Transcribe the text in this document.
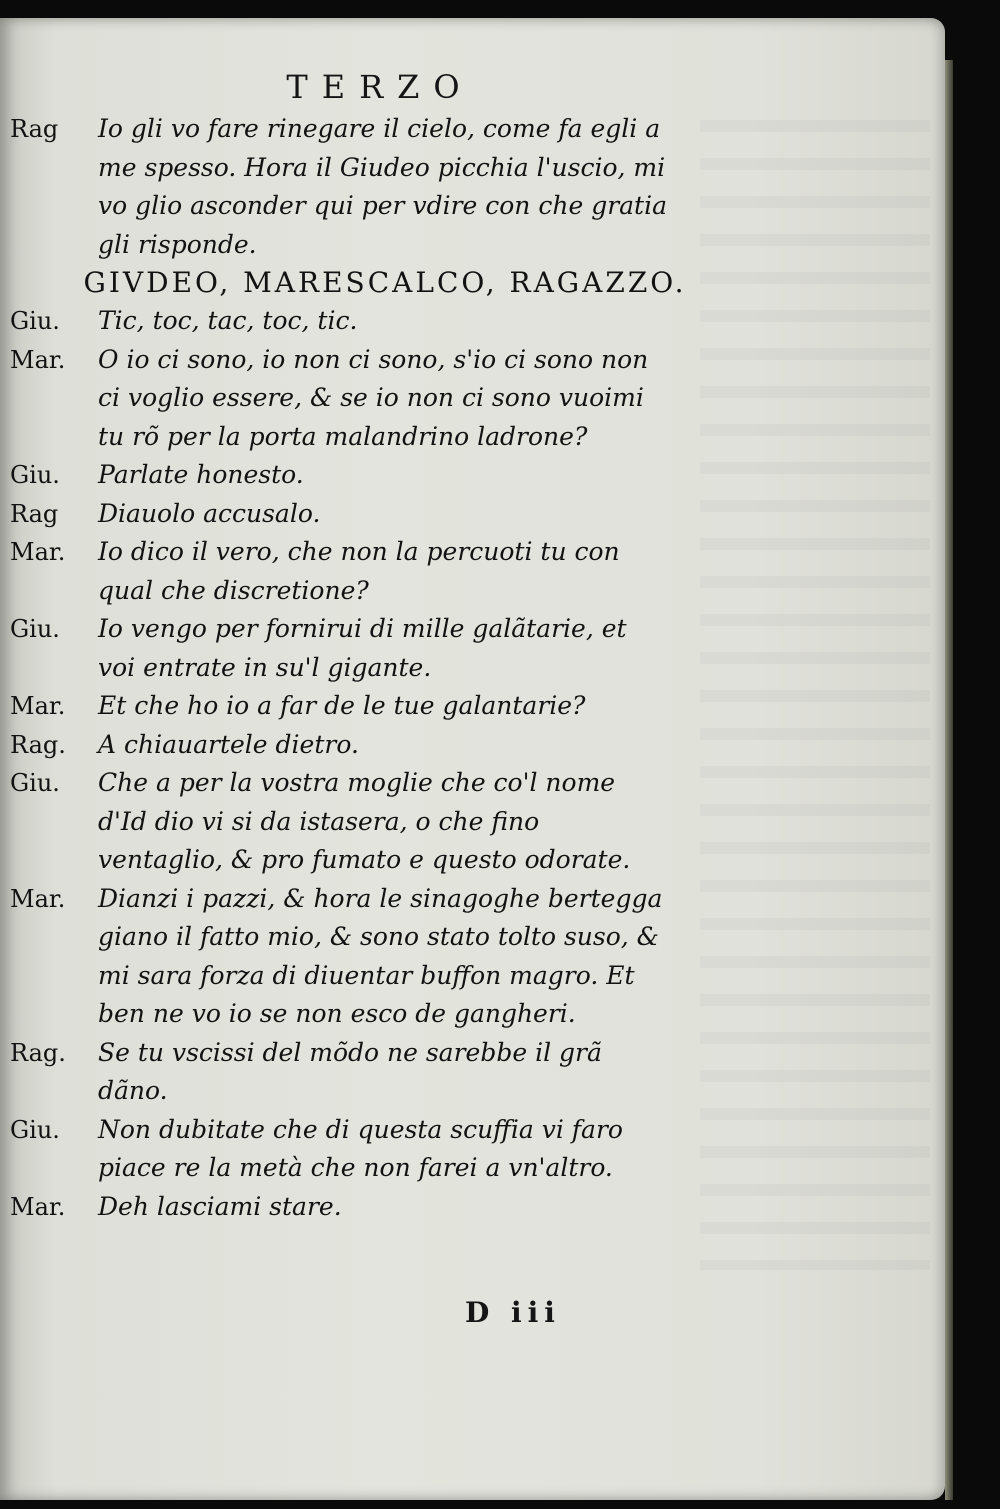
TERZO
Rag	Io gli vo fare rinegare il cielo, come fa egli a me spesso. Hora il Giudeo picchia l'uscio, mi vo glio asconder qui per vdire con che gratia gli risponde.
GIVDEO, MARESCALCO, RAGAZZO.
Giu.	Tic, toc, tac, toc, tic.
Mar.	O io ci sono, io non ci sono, s'io ci sono non ci voglio essere, & se io non ci sono vuoimi tu rõ per la porta malandrino ladrone?
Giu.	Parlate honesto.
Rag	Diauolo accusalo.
Mar.	Io dico il vero, che non la percuoti tu con qual che discretione?
Giu.	Io vengo per fornirui di mille galãtarie, et voi entrate in su'l gigante.
Mar.	Et che ho io a far de le tue galantarie?
Rag.	A chiauartele dietro.
Giu.	Che a per la vostra moglie che co'l nome d'Id dio vi si da istasera, o che fino ventaglio, & pro fumato e questo odorate.
Mar.	Dianzi i pazzi, & hora le sinagoghe bertegga giano il fatto mio, & sono stato tolto suso, & mi sara forza di diuentar buffon magro. Et ben ne vo io se non esco de gangheri.
Rag.	Se tu vscissi del mõdo ne sarebbe il grã dãno.
Giu.	Non dubitate che di questa scuffia vi faro piace re la metà che non farei a vn'altro.
Mar.	Deh lasciami stare.
D iii
